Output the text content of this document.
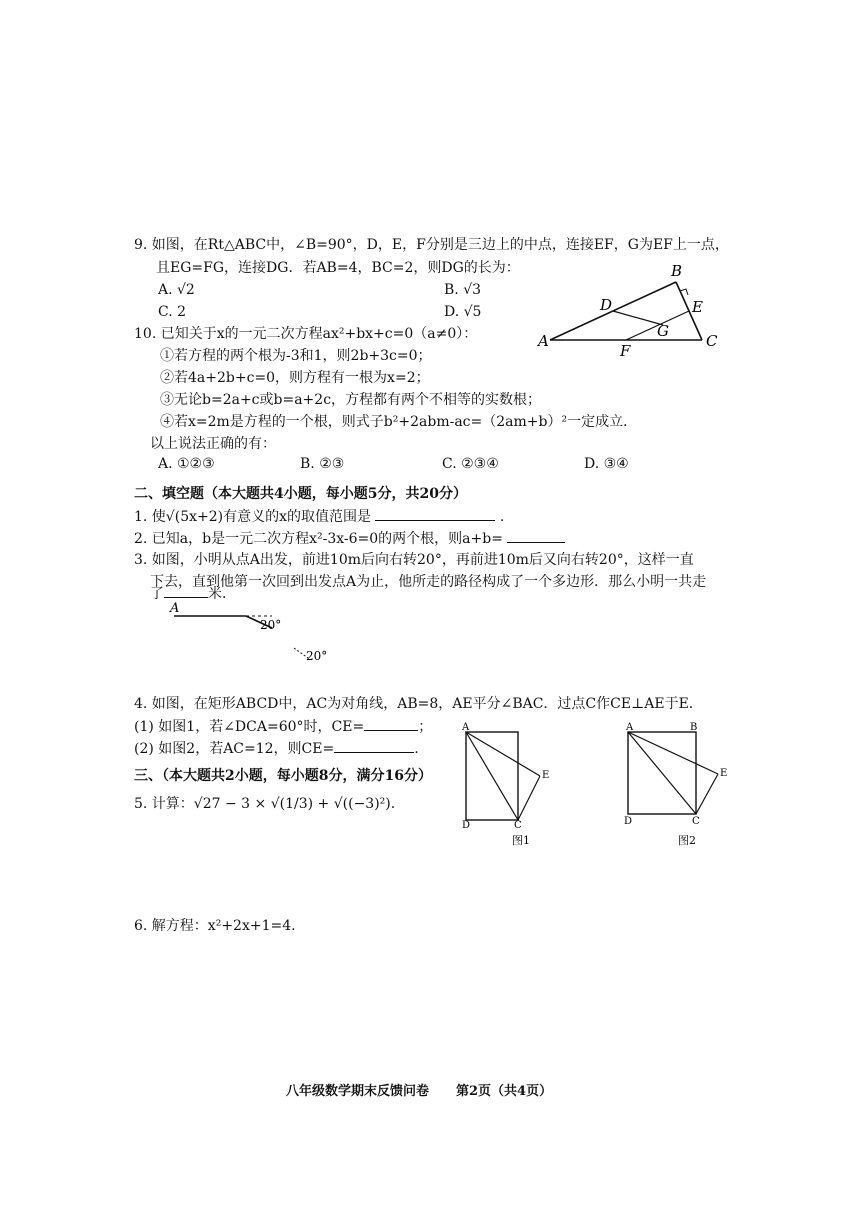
9. 如图，在Rt△ABC中，∠B=90°，D，E，F分别是三边上的中点，连接EF，G为EF上一点，
且EG=FG，连接DG．若AB=4，BC=2，则DG的长为：
A. √2	B. √3
C. 2	D. √5
A
B
C
D	E
F
G
10. 已知关于x的一元二次方程ax²+bx+c=0（a≠0）：
①若方程的两个根为-3和1，则2b+3c=0；
②若4a+2b+c=0，则方程有一根为x=2；
③无论b=2a+c或b=a+2c，方程都有两个不相等的实数根；
④若x=2m是方程的一个根，则式子b²+2abm-ac=（2am+b）²一定成立．
以上说法正确的有：
A. ①②③	B. ②③	C. ②③④	D. ③④
二、填空题（本大题共4小题，每小题5分，共20分）
1. 使√(5x+2)有意义的x的取值范围是	.
2. 已知a，b是一元二次方程x²-3x-6=0的两个根，则a+b=
3. 如图，小明从点A出发，前进10m后向右转20°，再前进10m后又向右转20°，这样一直
下去，直到他第一次回到出发点A为止，他所走的路径构成了一个多边形．那么小明一共走
了	米.
A
20°
20°
4. 如图，在矩形ABCD中，AC为对角线，AB=8，AE平分∠BAC．过点C作CE⊥AE于E．
(1) 如图1，若∠DCA=60°时，CE=	；
(2) 如图2，若AC=12，则CE=	.
A
D	C
E
图1
A	B
D	C
E
图2
三、（本大题共2小题，每小题8分，满分16分）
5. 计算：√27 − 3 × √(1/3) + √((−3)²).
6. 解方程：x²+2x+1=4.
八年级数学期末反馈问卷 第2页（共4页）
